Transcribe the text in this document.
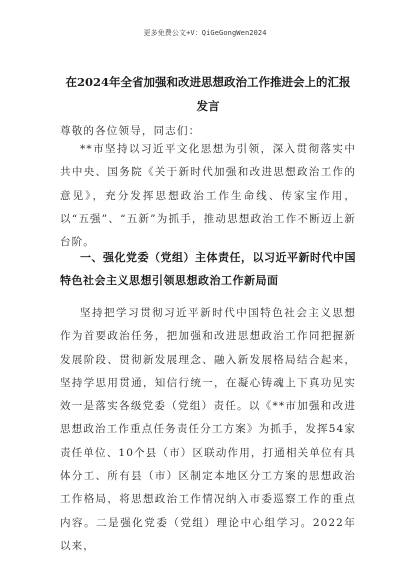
更多免费公文+V：QiGeGongWen2024
在2024年全省加强和改进思想政治工作推进会上的汇报发言
尊敬的各位领导，同志们：

**市坚持以习近平文化思想为引领，深入贯彻落实中共中央、国务院《关于新时代加强和改进思想政治工作的意见》，充分发挥思想政治工作生命线、传家宝作用，以“五强”、“五新”为抓手，推动思想政治工作不断迈上新台阶。

一、强化党委（党组）主体责任，以习近平新时代中国特色社会主义思想引领思想政治工作新局面

坚持把学习贯彻习近平新时代中国特色社会主义思想作为首要政治任务，把加强和改进思想政治工作同把握新发展阶段、贯彻新发展理念、融入新发展格局结合起来，坚持学思用贯通，知信行统一，在凝心铸魂上下真功见实效一是落实各级党委（党组）责任。以《**市加强和改进思想政治工作重点任务责任分工方案》为抓手，发挥54家责任单位、10个县（市）区联动作用，打通相关单位有具体分工、所有县（市）区制定本地区分工方案的思想政治工作格局，将思想政治工作情况纳入市委巡察工作的重点内容。二是强化党委（党组）理论中心组学习。2022年以来，
